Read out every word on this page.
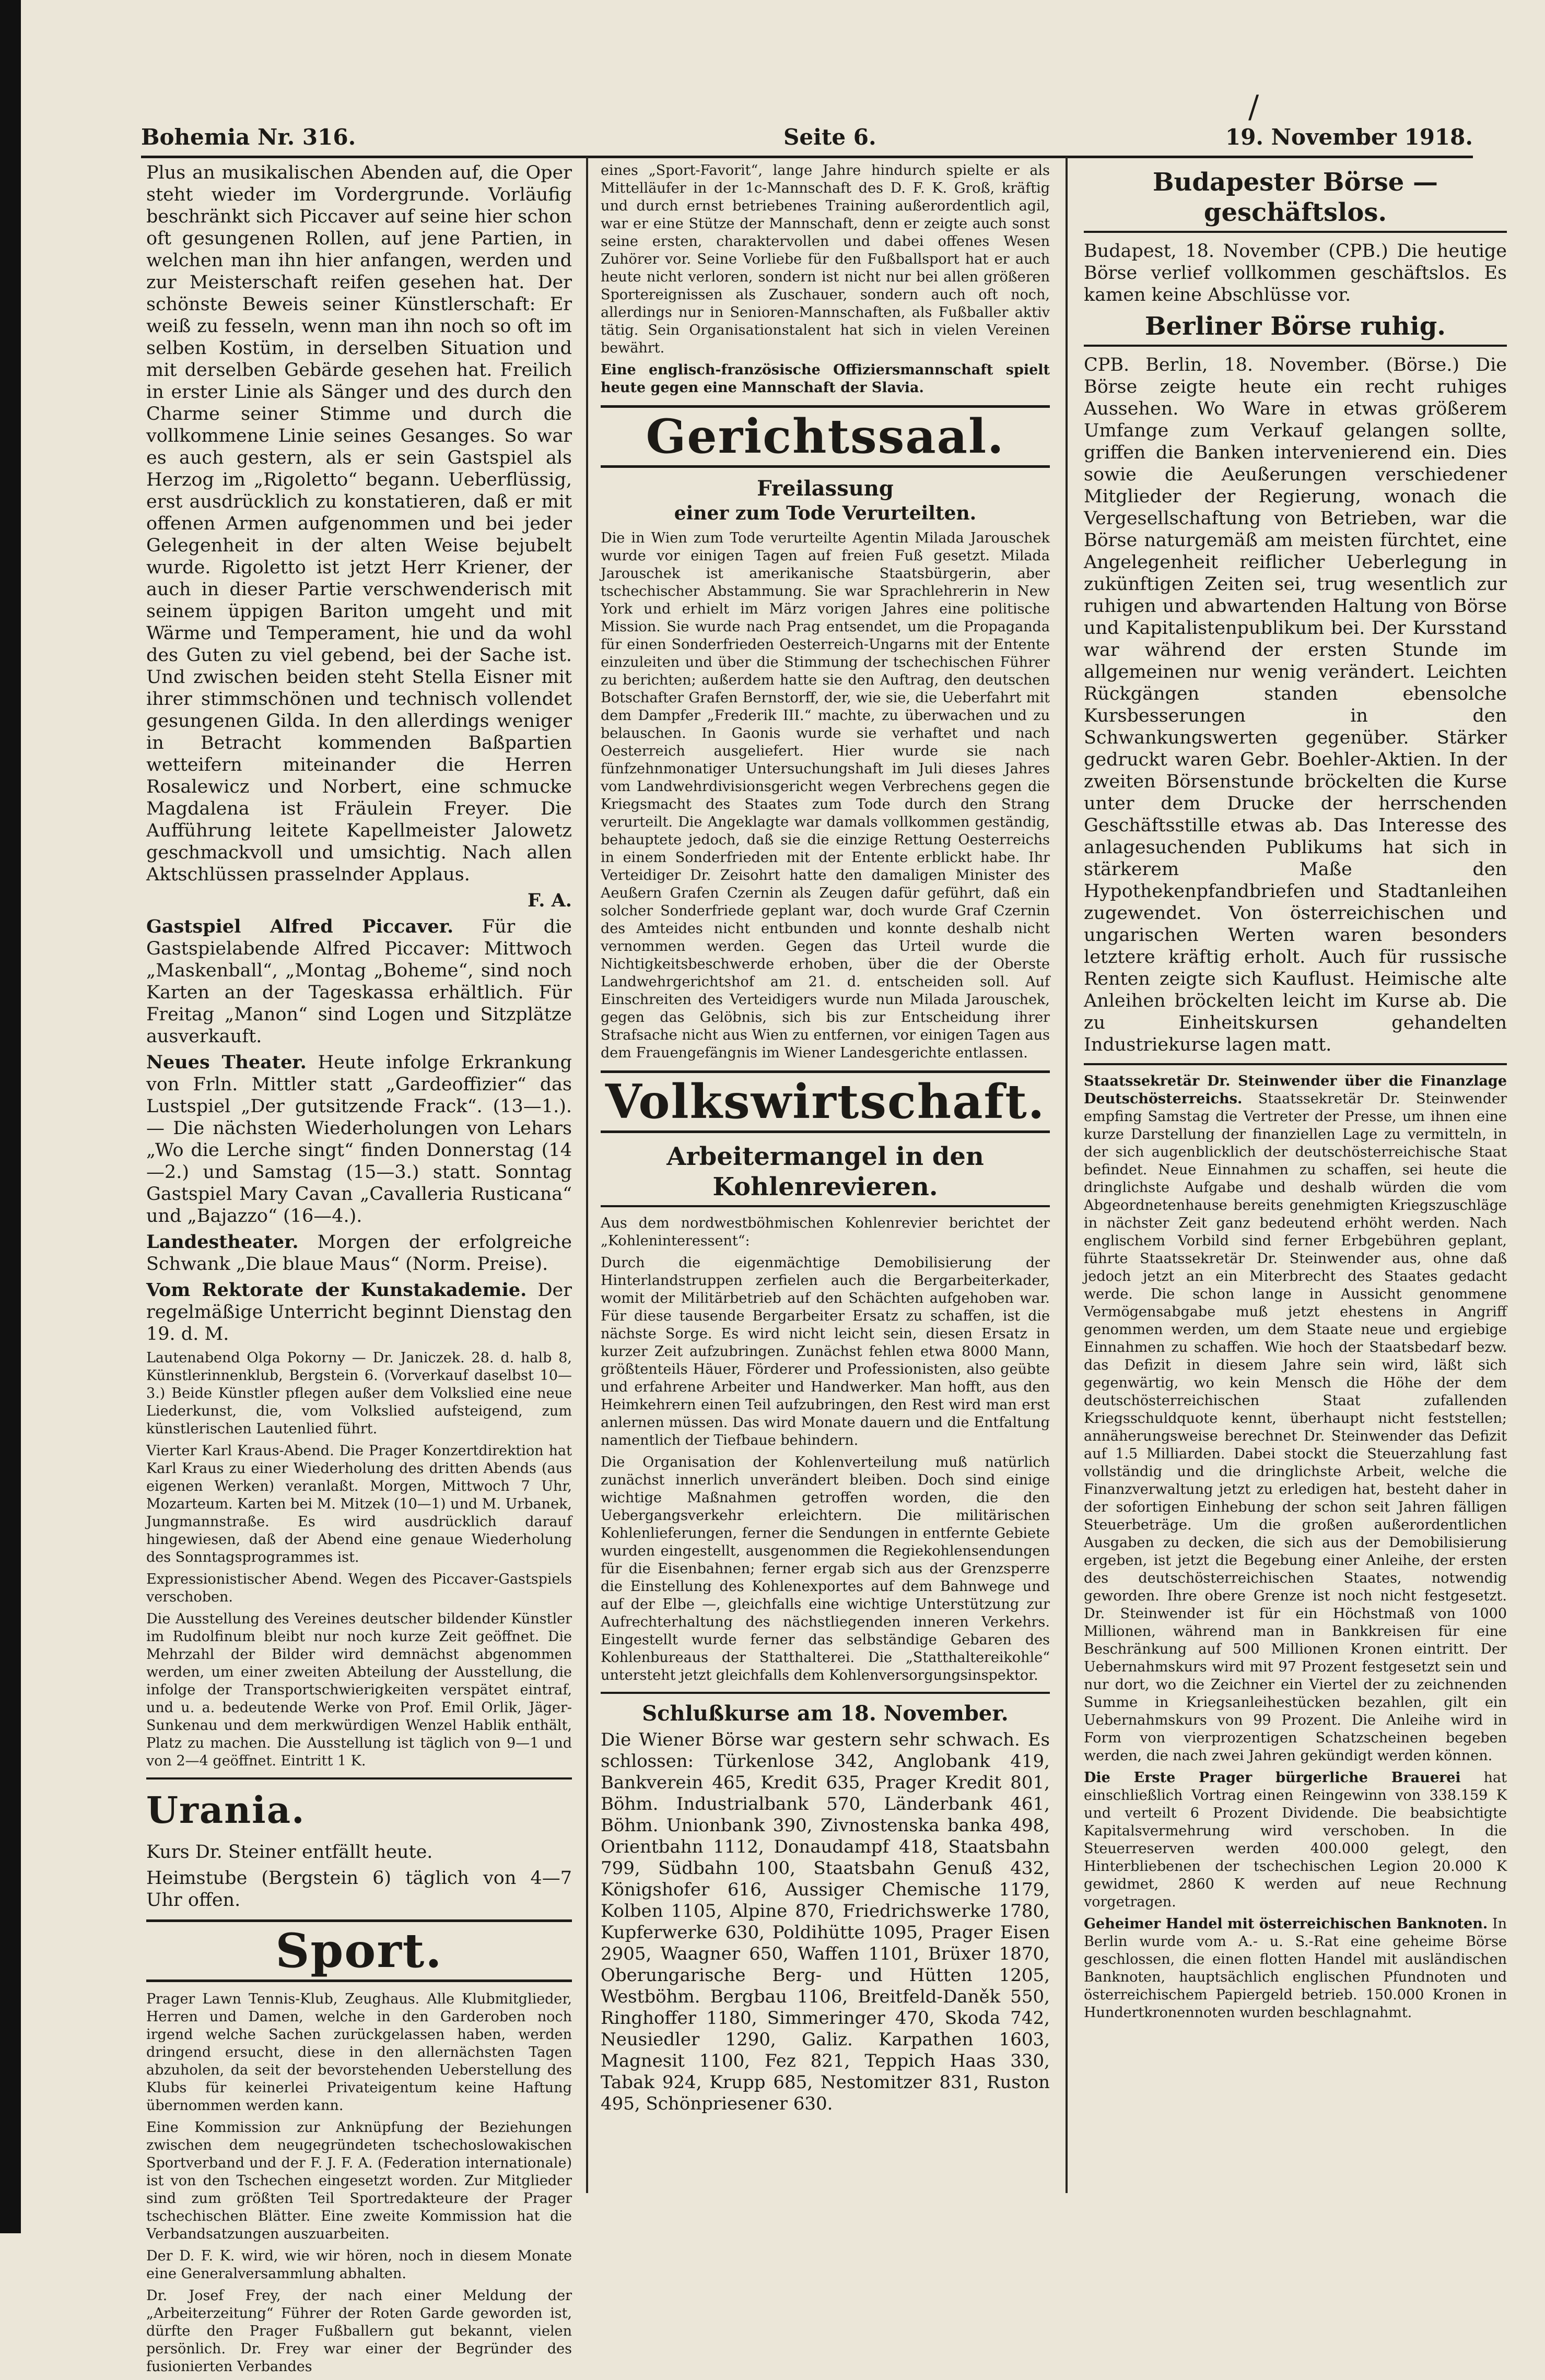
/
Bohemia Nr. 316.	Seite 6.	19. November 1918.

Plus an musikalischen Abenden auf, die Oper steht wieder im Vordergrunde. Vorläufig beschränkt sich Piccaver auf seine hier schon oft gesungenen Rollen, auf jene Partien, in welchen man ihn hier anfangen, werden und zur Meisterschaft reifen gesehen hat. Der schönste Beweis seiner Künstlerschaft: Er weiß zu fesseln, wenn man ihn noch so oft im selben Kostüm, in derselben Situation und mit derselben Gebärde gesehen hat. Freilich in erster Linie als Sänger und des durch den Charme seiner Stimme und durch die vollkommene Linie seines Gesanges. So war es auch gestern, als er sein Gastspiel als Herzog im „Rigoletto“ begann. Ueberflüssig, erst ausdrücklich zu konstatieren, daß er mit offenen Armen aufgenommen und bei jeder Gelegenheit in der alten Weise bejubelt wurde. Rigoletto ist jetzt Herr Kriener, der auch in dieser Partie verschwenderisch mit seinem üppigen Bariton umgeht und mit Wärme und Temperament, hie und da wohl des Guten zu viel gebend, bei der Sache ist. Und zwischen beiden steht Stella Eisner mit ihrer stimmschönen und technisch vollendet gesungenen Gilda. In den allerdings weniger in Betracht kommenden Baßpartien wetteifern miteinander die Herren Rosalewicz und Norbert, eine schmucke Magdalena ist Fräulein Freyer. Die Aufführung leitete Kapellmeister Jalowetz geschmackvoll und umsichtig. Nach allen Aktschlüssen prasselnder Applaus.

F. A.

Gastspiel Alfred Piccaver. Für die Gastspielabende Alfred Piccaver: Mittwoch „Maskenball“, „Montag „Boheme“, sind noch Karten an der Tageskassa erhältlich. Für Freitag „Manon“ sind Logen und Sitzplätze ausverkauft.

Neues Theater. Heute infolge Erkrankung von Frln. Mittler statt „Gardeoffizier“ das Lustspiel „Der gutsitzende Frack“. (13—1.). — Die nächsten Wiederholungen von Lehars „Wo die Lerche singt“ finden Donnerstag (14—2.) und Samstag (15—3.) statt. Sonntag Gastspiel Mary Cavan „Cavalleria Rusticana“ und „Bajazzo“ (16—4.).

Landestheater. Morgen der erfolgreiche Schwank „Die blaue Maus“ (Norm. Preise).

Vom Rektorate der Kunstakademie. Der regelmäßige Unterricht beginnt Dienstag den 19. d. M.

Lautenabend Olga Pokorny — Dr. Janiczek. 28. d. halb 8, Künstlerinnenklub, Bergstein 6. (Vorverkauf daselbst 10—3.) Beide Künstler pflegen außer dem Volkslied eine neue Liederkunst, die, vom Volkslied aufsteigend, zum künstlerischen Lautenlied führt.

Vierter Karl Kraus-Abend. Die Prager Konzertdirektion hat Karl Kraus zu einer Wiederholung des dritten Abends (aus eigenen Werken) veranlaßt. Morgen, Mittwoch 7 Uhr, Mozarteum. Karten bei M. Mitzek (10—1) und M. Urbanek, Jungmannstraße. Es wird ausdrücklich darauf hingewiesen, daß der Abend eine genaue Wiederholung des Sonntagsprogrammes ist.

Expressionistischer Abend. Wegen des Piccaver-Gastspiels verschoben.

Die Ausstellung des Vereines deutscher bildender Künstler im Rudolfinum bleibt nur noch kurze Zeit geöffnet. Die Mehrzahl der Bilder wird demnächst abgenommen werden, um einer zweiten Abteilung der Ausstellung, die infolge der Transportschwierigkeiten verspätet eintraf, und u. a. bedeutende Werke von Prof. Emil Orlik, Jäger-Sunkenau und dem merkwürdigen Wenzel Hablik enthält, Platz zu machen. Die Ausstellung ist täglich von 9—1 und von 2—4 geöffnet. Eintritt 1 K.

Urania.

Kurs Dr. Steiner entfällt heute.

Heimstube (Bergstein 6) täglich von 4—7 Uhr offen.

Sport.

Prager Lawn Tennis-Klub, Zeughaus. Alle Klubmitglieder, Herren und Damen, welche in den Garderoben noch irgend welche Sachen zurückgelassen haben, werden dringend ersucht, diese in den allernächsten Tagen abzuholen, da seit der bevorstehenden Ueberstellung des Klubs für keinerlei Privateigentum keine Haftung übernommen werden kann.

Eine Kommission zur Anknüpfung der Beziehungen zwischen dem neugegründeten tschechoslowakischen Sportverband und der F. J. F. A. (Federation internationale) ist von den Tschechen eingesetzt worden. Zur Mitglieder sind zum größten Teil Sportredakteure der Prager tschechischen Blätter. Eine zweite Kommission hat die Verbandsatzungen auszuarbeiten.

Der D. F. K. wird, wie wir hören, noch in diesem Monate eine Generalversammlung abhalten.

Dr. Josef Frey, der nach einer Meldung der „Arbeiterzeitung“ Führer der Roten Garde geworden ist, dürfte den Prager Fußballern gut bekannt, vielen persönlich. Dr. Frey war einer der Begründer des fusionierten Verbandes

eines „Sport-Favorit“, lange Jahre hindurch spielte er als Mittelläufer in der 1c-Mannschaft des D. F. K. Groß, kräftig und durch ernst betriebenes Training außerordentlich agil, war er eine Stütze der Mannschaft, denn er zeigte auch sonst seine ersten, charaktervollen und dabei offenes Wesen Zuhörer vor. Seine Vorliebe für den Fußballsport hat er auch heute nicht verloren, sondern ist nicht nur bei allen größeren Sportereignissen als Zuschauer, sondern auch oft noch, allerdings nur in Senioren-Mannschaften, als Fußballer aktiv tätig. Sein Organisationstalent hat sich in vielen Vereinen bewährt.

Eine englisch-französische Offiziersmannschaft spielt heute gegen eine Mannschaft der Slavia.

Gerichtssaal.
Freilassung
einer zum Tode Verurteilten.

Die in Wien zum Tode verurteilte Agentin Milada Jarouschek wurde vor einigen Tagen auf freien Fuß gesetzt. Milada Jarouschek ist amerikanische Staatsbürgerin, aber tschechischer Abstammung. Sie war Sprachlehrerin in New York und erhielt im März vorigen Jahres eine politische Mission. Sie wurde nach Prag entsendet, um die Propaganda für einen Sonderfrieden Oesterreich-Ungarns mit der Entente einzuleiten und über die Stimmung der tschechischen Führer zu berichten; außerdem hatte sie den Auftrag, den deutschen Botschafter Grafen Bernstorff, der, wie sie, die Ueberfahrt mit dem Dampfer „Frederik III.“ machte, zu überwachen und zu belauschen. In Gaonis wurde sie verhaftet und nach Oesterreich ausgeliefert. Hier wurde sie nach fünfzehnmonatiger Untersuchungshaft im Juli dieses Jahres vom Landwehrdivisionsgericht wegen Verbrechens gegen die Kriegsmacht des Staates zum Tode durch den Strang verurteilt. Die Angeklagte war damals vollkommen geständig, behauptete jedoch, daß sie die einzige Rettung Oesterreichs in einem Sonderfrieden mit der Entente erblickt habe. Ihr Verteidiger Dr. Zeisohrt hatte den damaligen Minister des Aeußern Grafen Czernin als Zeugen dafür geführt, daß ein solcher Sonderfriede geplant war, doch wurde Graf Czernin des Amteides nicht entbunden und konnte deshalb nicht vernommen werden. Gegen das Urteil wurde die Nichtigkeitsbeschwerde erhoben, über die der Oberste Landwehrgerichtshof am 21. d. entscheiden soll. Auf Einschreiten des Verteidigers wurde nun Milada Jarouschek, gegen das Gelöbnis, sich bis zur Entscheidung ihrer Strafsache nicht aus Wien zu entfernen, vor einigen Tagen aus dem Frauengefängnis im Wiener Landesgerichte entlassen.

Volkswirtschaft.
Arbeitermangel in den Kohlenrevieren.

Aus dem nordwestböhmischen Kohlenrevier berichtet der „Kohleninteressent“:

Durch die eigenmächtige Demobilisierung der Hinterlandstruppen zerfielen auch die Bergarbeiterkader, womit der Militärbetrieb auf den Schächten aufgehoben war. Für diese tausende Bergarbeiter Ersatz zu schaffen, ist die nächste Sorge. Es wird nicht leicht sein, diesen Ersatz in kurzer Zeit aufzubringen. Zunächst fehlen etwa 8000 Mann, größtenteils Häuer, Förderer und Professionisten, also geübte und erfahrene Arbeiter und Handwerker. Man hofft, aus den Heimkehrern einen Teil aufzubringen, den Rest wird man erst anlernen müssen. Das wird Monate dauern und die Entfaltung namentlich der Tiefbaue behindern.

Die Organisation der Kohlenverteilung muß natürlich zunächst innerlich unverändert bleiben. Doch sind einige wichtige Maßnahmen getroffen worden, die den Uebergangsverkehr erleichtern. Die militärischen Kohlenlieferungen, ferner die Sendungen in entfernte Gebiete wurden eingestellt, ausgenommen die Regiekohlensendungen für die Eisenbahnen; ferner ergab sich aus der Grenzsperre die Einstellung des Kohlenexportes auf dem Bahnwege und auf der Elbe —, gleichfalls eine wichtige Unterstützung zur Aufrechterhaltung des nächstliegenden inneren Verkehrs. Eingestellt wurde ferner das selbständige Gebaren des Kohlenbureaus der Statthalterei. Die „Statthaltereikohle“ untersteht jetzt gleichfalls dem Kohlenversorgungsinspektor.

Schlußkurse am 18. November.

Die Wiener Börse war gestern sehr schwach. Es schlossen: Türkenlose 342, Anglobank 419, Bankverein 465, Kredit 635, Prager Kredit 801, Böhm. Industrialbank 570, Länderbank 461, Böhm. Unionbank 390, Zivnostenska banka 498, Orientbahn 1112, Donaudampf 418, Staatsbahn 799, Südbahn 100, Staatsbahn Genuß 432, Königshofer 616, Aussiger Chemische 1179, Kolben 1105, Alpine 870, Friedrichswerke 1780, Kupferwerke 630, Poldihütte 1095, Prager Eisen 2905, Waagner 650, Waffen 1101, Brüxer 1870, Oberungarische Berg- und Hütten 1205, Westböhm. Bergbau 1106, Breitfeld-Daněk 550, Ringhoffer 1180, Simmeringer 470, Skoda 742, Neusiedler 1290, Galiz. Karpathen 1603, Magnesit 1100, Fez 821, Teppich Haas 330, Tabak 924, Krupp 685, Nestomitzer 831, Ruston 495, Schönpriesener 630.

Budapester Börse — geschäftslos.

Budapest, 18. November (CPB.) Die heutige Börse verlief vollkommen geschäftslos. Es kamen keine Abschlüsse vor.

Berliner Börse ruhig.

CPB. Berlin, 18. November. (Börse.) Die Börse zeigte heute ein recht ruhiges Aussehen. Wo Ware in etwas größerem Umfange zum Verkauf gelangen sollte, griffen die Banken intervenierend ein. Dies sowie die Aeußerungen verschiedener Mitglieder der Regierung, wonach die Vergesellschaftung von Betrieben, war die Börse naturgemäß am meisten fürchtet, eine Angelegenheit reiflicher Ueberlegung in zukünftigen Zeiten sei, trug wesentlich zur ruhigen und abwartenden Haltung von Börse und Kapitalistenpublikum bei. Der Kursstand war während der ersten Stunde im allgemeinen nur wenig verändert. Leichten Rückgängen standen ebensolche Kursbesserungen in den Schwankungswerten gegenüber. Stärker gedruckt waren Gebr. Boehler-Aktien. In der zweiten Börsenstunde bröckelten die Kurse unter dem Drucke der herrschenden Geschäftsstille etwas ab. Das Interesse des anlagesuchenden Publikums hat sich in stärkerem Maße den Hypothekenpfandbriefen und Stadtanleihen zugewendet. Von österreichischen und ungarischen Werten waren besonders letztere kräftig erholt. Auch für russische Renten zeigte sich Kauflust. Heimische alte Anleihen bröckelten leicht im Kurse ab. Die zu Einheitskursen gehandelten Industriekurse lagen matt.

Staatssekretär Dr. Steinwender über die Finanzlage Deutschösterreichs. Staatssekretär Dr. Steinwender empfing Samstag die Vertreter der Presse, um ihnen eine kurze Darstellung der finanziellen Lage zu vermitteln, in der sich augenblicklich der deutschösterreichische Staat befindet. Neue Einnahmen zu schaffen, sei heute die dringlichste Aufgabe und deshalb würden die vom Abgeordnetenhause bereits genehmigten Kriegszuschläge in nächster Zeit ganz bedeutend erhöht werden. Nach englischem Vorbild sind ferner Erbgebühren geplant, führte Staatssekretär Dr. Steinwender aus, ohne daß jedoch jetzt an ein Miterbrecht des Staates gedacht werde. Die schon lange in Aussicht genommene Vermögensabgabe muß jetzt ehestens in Angriff genommen werden, um dem Staate neue und ergiebige Einnahmen zu schaffen. Wie hoch der Staatsbedarf bezw. das Defizit in diesem Jahre sein wird, läßt sich gegenwärtig, wo kein Mensch die Höhe der dem deutschösterreichischen Staat zufallenden Kriegsschuldquote kennt, überhaupt nicht feststellen; annäherungsweise berechnet Dr. Steinwender das Defizit auf 1.5 Milliarden. Dabei stockt die Steuerzahlung fast vollständig und die dringlichste Arbeit, welche die Finanzverwaltung jetzt zu erledigen hat, besteht daher in der sofortigen Einhebung der schon seit Jahren fälligen Steuerbeträge. Um die großen außerordentlichen Ausgaben zu decken, die sich aus der Demobilisierung ergeben, ist jetzt die Begebung einer Anleihe, der ersten des deutschösterreichischen Staates, notwendig geworden. Ihre obere Grenze ist noch nicht festgesetzt. Dr. Steinwender ist für ein Höchstmaß von 1000 Millionen, während man in Bankkreisen für eine Beschränkung auf 500 Millionen Kronen eintritt. Der Uebernahmskurs wird mit 97 Prozent festgesetzt sein und nur dort, wo die Zeichner ein Viertel der zu zeichnenden Summe in Kriegsanleihestücken bezahlen, gilt ein Uebernahmskurs von 99 Prozent. Die Anleihe wird in Form von vierprozentigen Schatzscheinen begeben werden, die nach zwei Jahren gekündigt werden können.

Die Erste Prager bürgerliche Brauerei hat einschließlich Vortrag einen Reingewinn von 338.159 K und verteilt 6 Prozent Dividende. Die beabsichtigte Kapitalsvermehrung wird verschoben. In die Steuerreserven werden 400.000 gelegt, den Hinterbliebenen der tschechischen Legion 20.000 K gewidmet, 2860 K werden auf neue Rechnung vorgetragen.

Geheimer Handel mit österreichischen Banknoten. In Berlin wurde vom A.- u. S.-Rat eine geheime Börse geschlossen, die einen flotten Handel mit ausländischen Banknoten, hauptsächlich englischen Pfundnoten und österreichischem Papiergeld betrieb. 150.000 Kronen in Hundertkronennoten wurden beschlagnahmt.
